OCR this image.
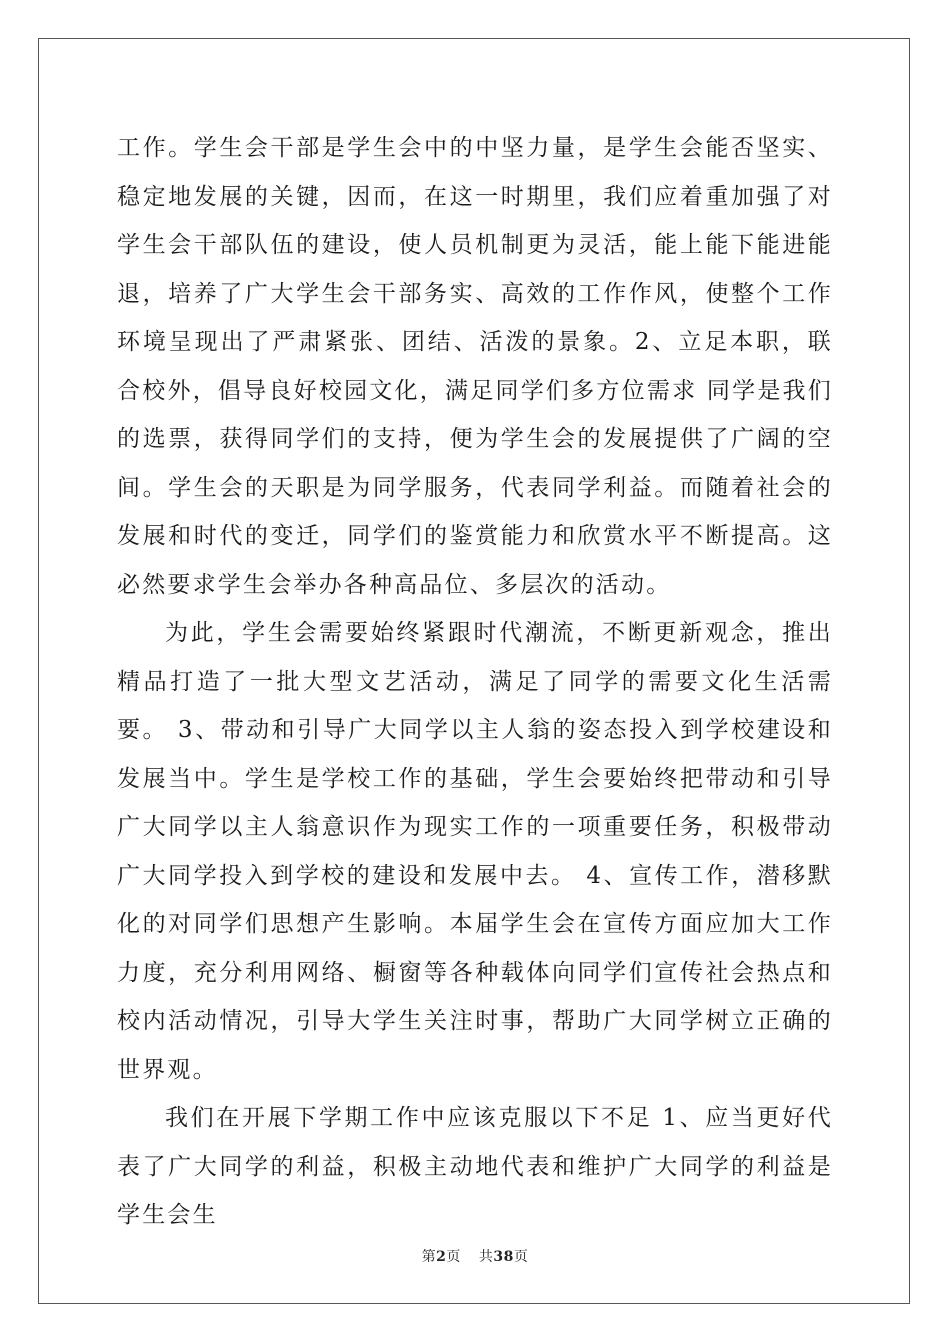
工作。学生会干部是学生会中的中坚力量，是学生会能否坚实、稳定地发展的关键，因而，在这一时期里，我们应着重加强了对学生会干部队伍的建设，使人员机制更为灵活，能上能下能进能退，培养了广大学生会干部务实、高效的工作作风，使整个工作环境呈现出了严肃紧张、团结、活泼的景象。2、立足本职，联合校外，倡导良好校园文化，满足同学们多方位需求 同学是我们的选票，获得同学们的支持，便为学生会的发展提供了广阔的空间。学生会的天职是为同学服务，代表同学利益。而随着社会的发展和时代的变迁，同学们的鉴赏能力和欣赏水平不断提高。这必然要求学生会举办各种高品位、多层次的活动。

为此，学生会需要始终紧跟时代潮流，不断更新观念，推出精品打造了一批大型文艺活动，满足了同学的需要文化生活需要。 3、带动和引导广大同学以主人翁的姿态投入到学校建设和发展当中。学生是学校工作的基础，学生会要始终把带动和引导广大同学以主人翁意识作为现实工作的一项重要任务，积极带动广大同学投入到学校的建设和发展中去。 4、宣传工作，潜移默化的对同学们思想产生影响。本届学生会在宣传方面应加大工作力度，充分利用网络、橱窗等各种载体向同学们宣传社会热点和校内活动情况，引导大学生关注时事，帮助广大同学树立正确的世界观。

我们在开展下学期工作中应该克服以下不足 1、应当更好代表了广大同学的利益，积极主动地代表和维护广大同学的利益是学生会生

第2页 共38页
